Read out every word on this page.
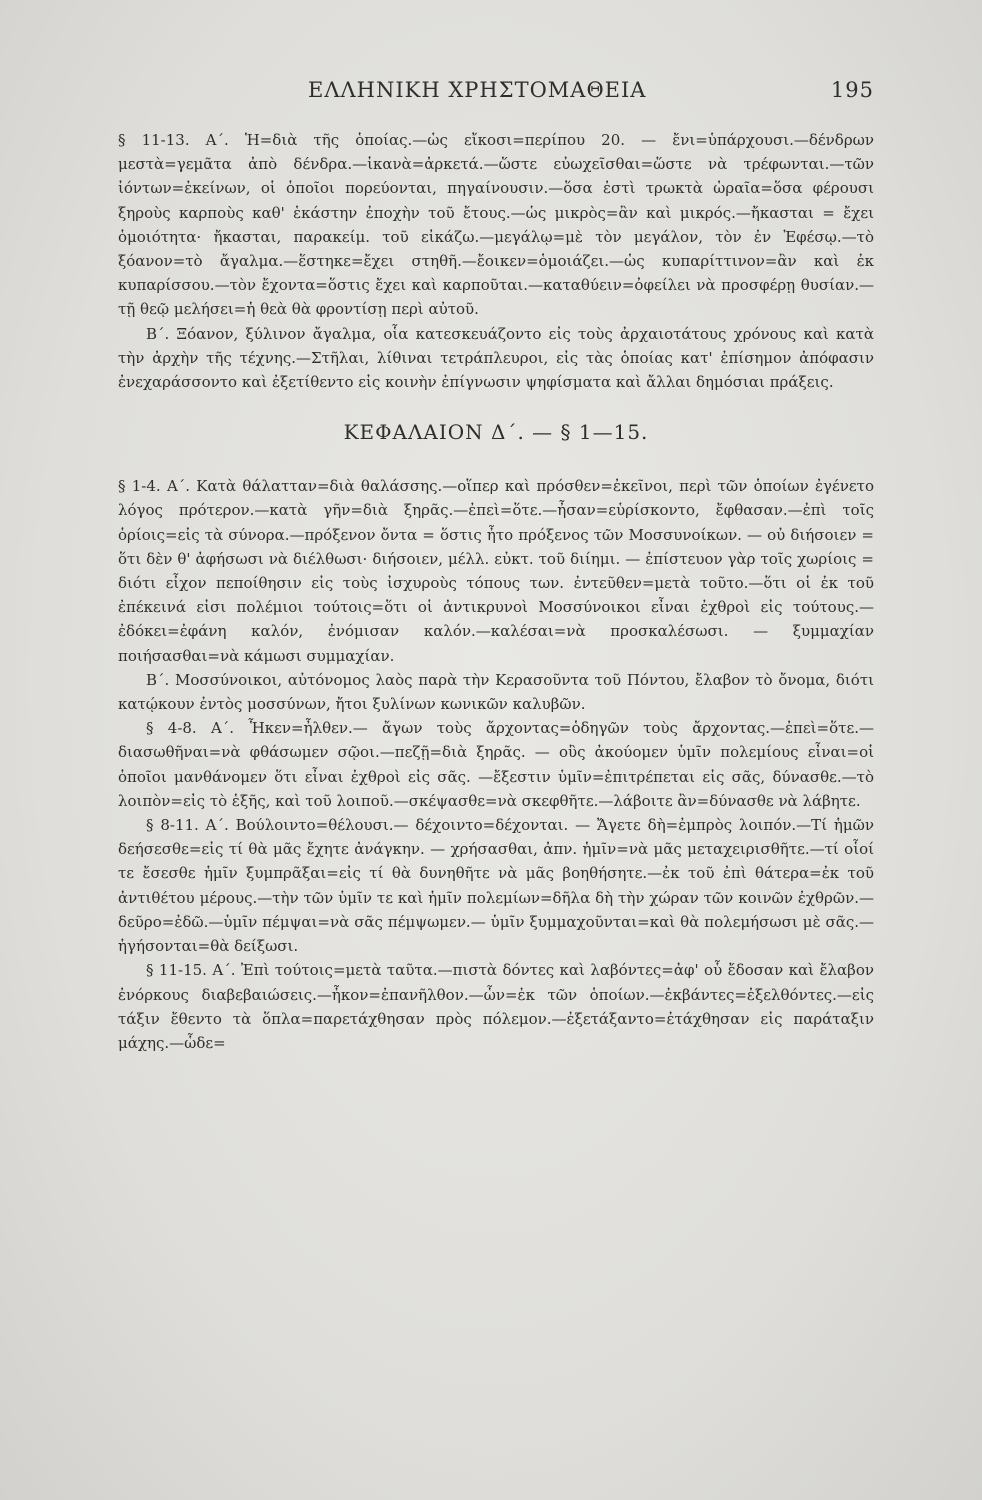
ΕΛΛΗΝΙΚΗ ΧΡΗΣΤΟΜΑΘΕΙΑ	195

§ 11-13. Α΄. Ἡ=διὰ τῆς ὁποίας.—ὡς εἴκοσι=περίπου 20. — ἔνι=ὑπάρχουσι.—δένδρων μεστὰ=γεμᾶτα ἀπὸ δένδρα.—ἱκανὰ=ἀρκετά.—ὥστε εὐωχεῖσθαι=ὥστε νὰ τρέφωνται.—τῶν ἰόντων=ἐκείνων, οἱ ὁποῖοι πορεύονται, πηγαίνουσιν.—ὅσα ἐστὶ τρωκτὰ ὡραῖα=ὅσα φέρουσι ξηροὺς καρποὺς καθ' ἑκάστην ἐποχὴν τοῦ ἔτους.—ὡς μικρὸς=ἂν καὶ μικρός.—ἤκασται = ἔχει ὁμοιότητα· ἤκασται, παρακείμ. τοῦ εἰκάζω.—μεγάλῳ=μὲ τὸν μεγάλον, τὸν ἐν Ἐφέσῳ.—τὸ ξόανον=τὸ ἄγαλμα.—ἕστηκε=ἔχει στηθῆ.—ἔοικεν=ὁμοιάζει.—ὡς κυπαρίττινον=ἂν καὶ ἐκ κυπαρίσσου.—τὸν ἔχοντα=ὅστις ἔχει καὶ καρποῦται.—καταθύειν=ὀφείλει νὰ προσφέρῃ θυσίαν.—τῇ θεῷ μελήσει=ἡ θεὰ θὰ φροντίσῃ περὶ αὐτοῦ.

Β΄. Ξόανον, ξύλινον ἄγαλμα, οἷα κατεσκευάζοντο εἰς τοὺς ἀρχαιοτάτους χρόνους καὶ κατὰ τὴν ἀρχὴν τῆς τέχνης.—Στῆλαι, λίθιναι τετράπλευροι, εἰς τὰς ὁποίας κατ' ἐπίσημον ἀπόφασιν ἐνεχαράσσοντο καὶ ἐξετίθεντο εἰς κοινὴν ἐπίγνωσιν ψηφίσματα καὶ ἄλλαι δημόσιαι πράξεις.

ΚΕΦΑΛΑΙΟΝ Δ΄. — § 1—15.

§ 1-4. Α΄. Κατὰ θάλατταν=διὰ θαλάσσης.—οἵπερ καὶ πρόσθεν=ἐκεῖνοι, περὶ τῶν ὁποίων ἐγένετο λόγος πρότερον.—κατὰ γῆν=διὰ ξηρᾶς.—ἐπεὶ=ὅτε.—ἦσαν=εὑρίσκοντο, ἔφθασαν.—ἐπὶ τοῖς ὁρίοις=εἰς τὰ σύνορα.—πρόξενον ὄντα = ὅστις ἦτο πρόξενος τῶν Μοσσυνοίκων. — οὐ διήσοιεν = ὅτι δὲν θ' ἀφήσωσι νὰ διέλθωσι· διήσοιεν, μέλλ. εὐκτ. τοῦ διίημι. — ἐπίστευον γὰρ τοῖς χωρίοις = διότι εἶχον πεποίθησιν εἰς τοὺς ἰσχυροὺς τόπους των. ἐντεῦθεν=μετὰ τοῦτο.—ὅτι οἱ ἐκ τοῦ ἐπέκεινά εἰσι πολέμιοι τούτοις=ὅτι οἱ ἀντικρυνοὶ Μοσσύνοικοι εἶναι ἐχθροὶ εἰς τούτους.—ἐδόκει=ἐφάνη καλόν, ἐνόμισαν καλόν.—καλέσαι=νὰ προσκαλέσωσι. — ξυμμαχίαν ποιήσασθαι=νὰ κάμωσι συμμαχίαν.

Β΄. Μοσσύνοικοι, αὐτόνομος λαὸς παρὰ τὴν Κερασοῦντα τοῦ Πόντου, ἔλαβον τὸ ὄνομα, διότι κατῴκουν ἐντὸς μοσσύνων, ἤτοι ξυλίνων κωνικῶν καλυβῶν.

§ 4-8. Α΄. Ἧκεν=ἦλθεν.— ἄγων τοὺς ἄρχοντας=ὁδηγῶν τοὺς ἄρχοντας.—ἐπεὶ=ὅτε.—διασωθῆναι=νὰ φθάσωμεν σῷοι.—πεζῇ=διὰ ξηρᾶς. — οὓς ἀκούομεν ὑμῖν πολεμίους εἶναι=οἱ ὁποῖοι μανθάνομεν ὅτι εἶναι ἐχθροὶ εἰς σᾶς. —ἔξεστιν ὑμῖν=ἐπιτρέπεται εἰς σᾶς, δύνασθε.—τὸ λοιπὸν=εἰς τὸ ἑξῆς, καὶ τοῦ λοιποῦ.—σκέψασθε=νὰ σκεφθῆτε.—λάβοιτε ἂν=δύνασθε νὰ λάβητε.

§ 8-11. Α΄. Βούλοιντο=θέλουσι.— δέχοιντο=δέχονται. — Ἄγετε δὴ=ἐμπρὸς λοιπόν.—Τί ἡμῶν δεήσεσθε=εἰς τί θὰ μᾶς ἔχητε ἀνάγκην. — χρήσασθαι, ἀπν. ἡμῖν=νὰ μᾶς μεταχειρισθῆτε.—τί οἷοί τε ἔσεσθε ἡμῖν ξυμπρᾶξαι=εἰς τί θὰ δυνηθῆτε νὰ μᾶς βοηθήσητε.—ἐκ τοῦ ἐπὶ θάτερα=ἐκ τοῦ ἀντιθέτου μέρους.—τὴν τῶν ὑμῖν τε καὶ ἡμῖν πολεμίων=δῆλα δὴ τὴν χώραν τῶν κοινῶν ἐχθρῶν.—δεῦρο=ἐδῶ.—ὑμῖν πέμψαι=νὰ σᾶς πέμψωμεν.— ὑμῖν ξυμμαχοῦνται=καὶ θὰ πολεμήσωσι μὲ σᾶς.—ἡγήσονται=θὰ δείξωσι.

§ 11-15. Α΄. Ἐπὶ τούτοις=μετὰ ταῦτα.—πιστὰ δόντες καὶ λαβόντες=ἀφ' οὗ ἔδοσαν καὶ ἔλαβον ἐνόρκους διαβεβαιώσεις.—ἧκον=ἐπανῆλθον.—ὧν=ἐκ τῶν ὁποίων.—ἐκβάντες=ἐξελθόντες.—εἰς τάξιν ἔθεντο τὰ ὅπλα=παρετάχθησαν πρὸς πόλεμον.—ἐξετάξαντο=ἐτάχθησαν εἰς παράταξιν μάχης.—ὧδε=
